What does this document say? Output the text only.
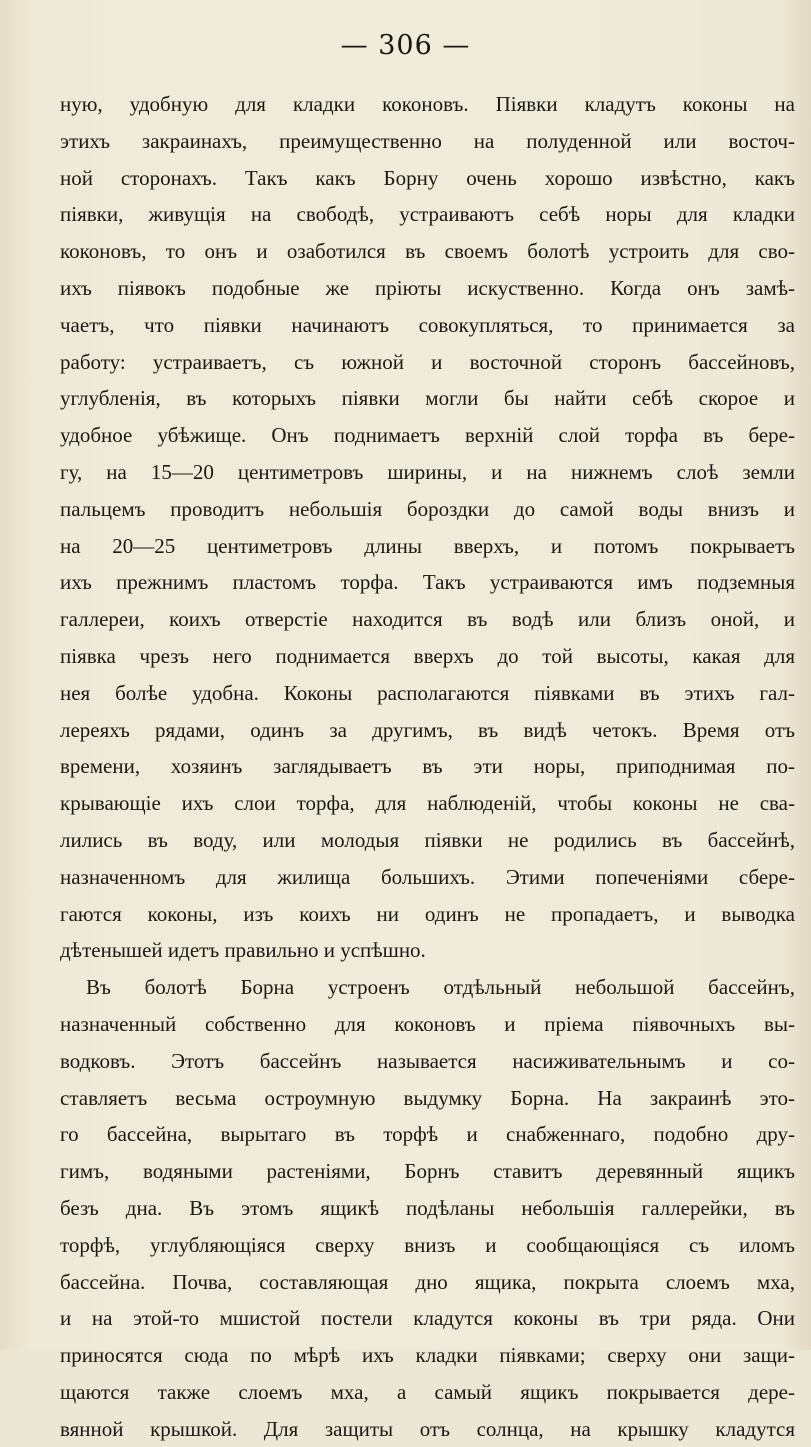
— 306 —
ную, удобную для кладки коконовъ. Піявки кладутъ коконы на
этихъ закраинахъ, преимущественно на полуденной или восточ-
ной сторонахъ. Такъ какъ Борну очень хорошо извѣстно, какъ
піявки, живущія на свободѣ, устраиваютъ себѣ норы для кладки
коконовъ, то онъ и озаботился въ своемъ болотѣ устроить для сво-
ихъ піявокъ подобные же пріюты искуственно. Когда онъ замѣ-
чаетъ, что піявки начинаютъ совокупляться, то принимается за
работу: устраиваетъ, съ южной и восточной сторонъ бассейновъ,
углубленія, въ которыхъ піявки могли бы найти себѣ скорое и
удобное убѣжище. Онъ поднимаетъ верхній слой торфа въ бере-
гу, на 15—20 центиметровъ ширины, и на нижнемъ слоѣ земли
пальцемъ проводитъ небольшія бороздки до самой воды внизъ и
на 20—25 центиметровъ длины вверхъ, и потомъ покрываетъ
ихъ прежнимъ пластомъ торфа. Такъ устраиваются имъ подземныя
галлереи, коихъ отверстіе находится въ водѣ или близъ оной, и
піявка чрезъ него поднимается вверхъ до той высоты, какая для
нея болѣе удобна. Коконы располагаются піявками въ этихъ гал-
лереяхъ рядами, одинъ за другимъ, въ видѣ четокъ. Время отъ
времени, хозяинъ заглядываетъ въ эти норы, приподнимая по-
крывающіе ихъ слои торфа, для наблюденій, чтобы коконы не сва-
лились въ воду, или молодыя піявки не родились въ бассейнѣ,
назначенномъ для жилища большихъ. Этими попеченіями сбере-
гаются коконы, изъ коихъ ни одинъ не пропадаетъ, и выводка
дѣтенышей идетъ правильно и успѣшно.
Въ болотѣ Борна устроенъ отдѣльный небольшой бассейнъ,
назначенный собственно для коконовъ и пріема піявочныхъ вы-
водковъ. Этотъ бассейнъ называется насиживательнымъ и со-
ставляетъ весьма остроумную выдумку Борна. На закраинѣ это-
го бассейна, вырытаго въ торфѣ и снабженнаго, подобно дру-
гимъ, водяными растеніями, Борнъ ставитъ деревянный ящикъ
безъ дна. Въ этомъ ящикѣ подѣланы небольшія галлерейки, въ
торфѣ, углубляющіяся сверху внизъ и сообщающіяся съ иломъ
бассейна. Почва, составляющая дно ящика, покрыта слоемъ мха,
и на этой-то мшистой постели кладутся коконы въ три ряда. Они
приносятся сюда по мѣрѣ ихъ кладки піявками; сверху они защи-
щаются также слоемъ мха, а самый ящикъ покрывается дере-
вянной крышкой. Для защиты отъ солнца, на крышку кладутся
